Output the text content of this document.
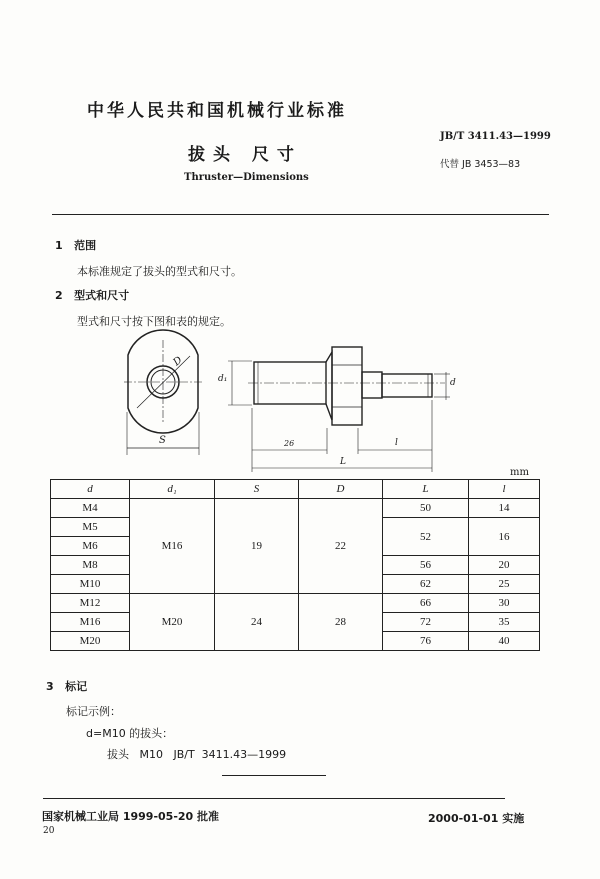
中华人民共和国机械行业标准
JB/T 3411.43—1999
拔头 尺寸	代替 JB 3453—83
Thruster—Dimensions
1 范围
本标准规定了拔头的型式和尺寸。
2 型式和尺寸
型式和尺寸按下图和表的规定。
D
S
d₁	d
26	l
L
mm
d	d₁	S	D	L	l
M4	M16	19	22	50	14
M5				52	16
M6					
M8				56	20
M10				62	25
M12	M20	24	28	66	30
M16				72	35
M20				76	40
3 标记
标记示例：
d=M10 的拔头：
拔头   M10   JB/T  3411.43—1999
国家机械工业局 1999-05-20 批准
20
2000-01-01 实施
